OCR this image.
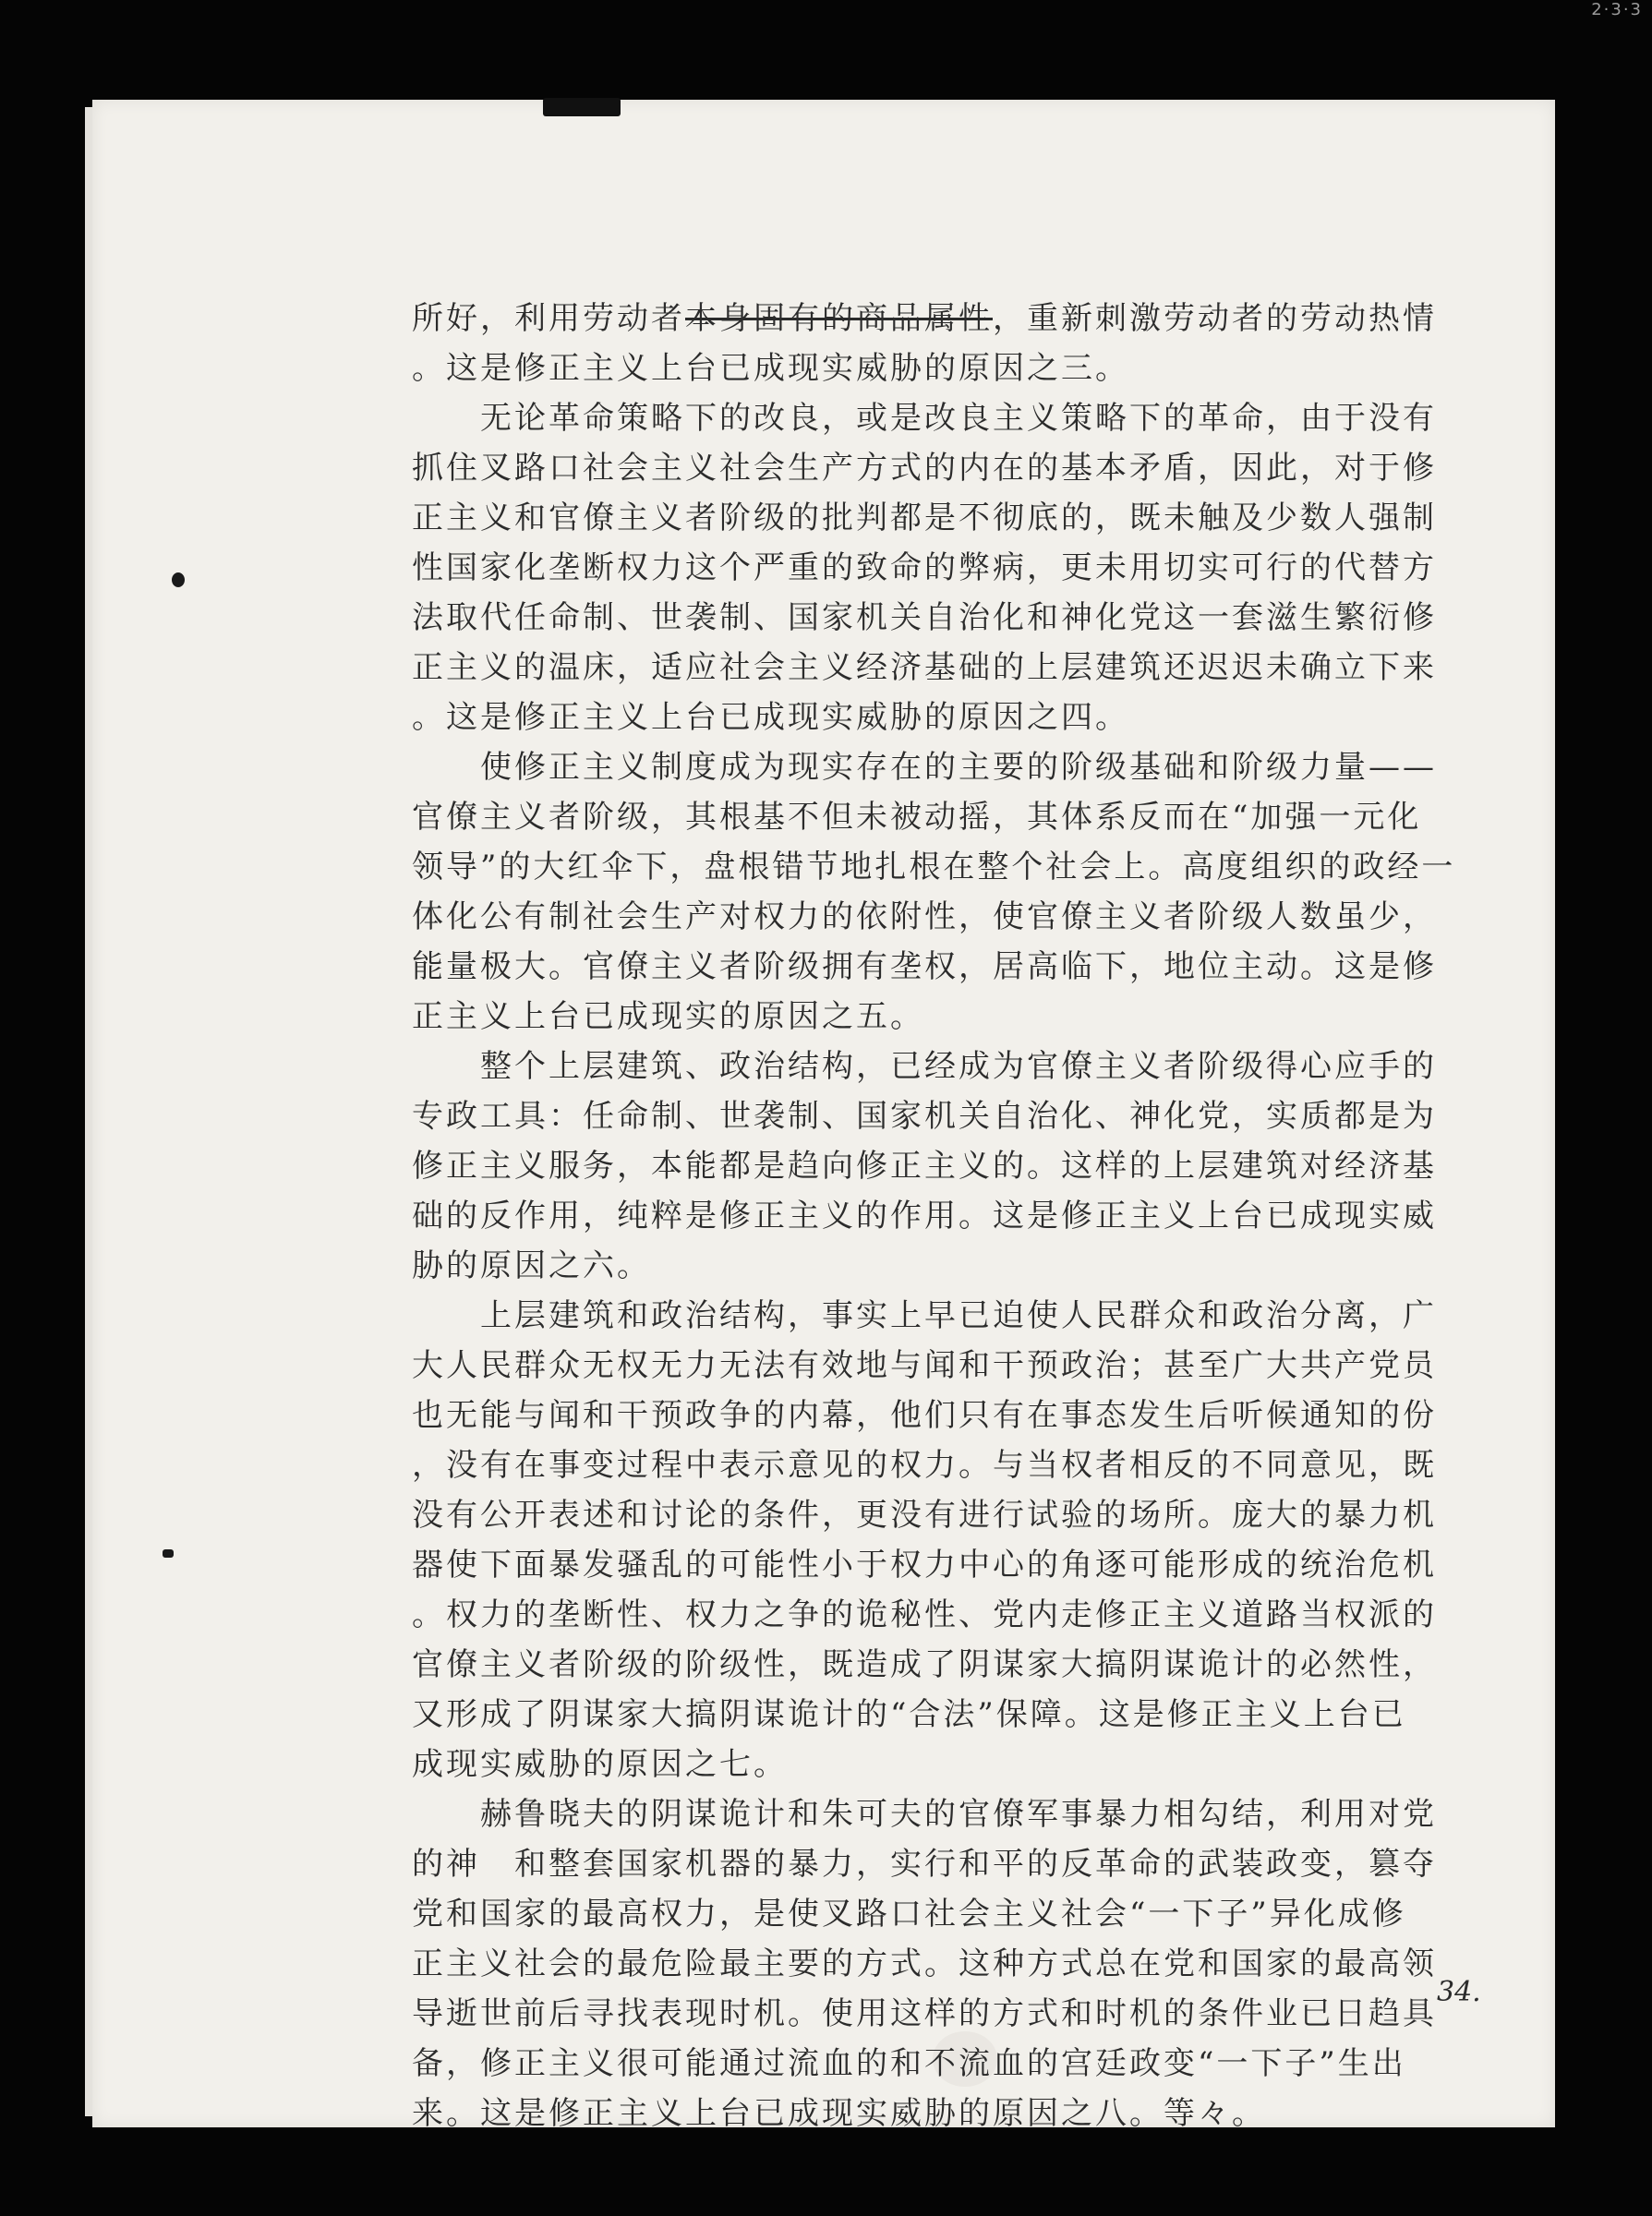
2·3·3
所好，利用劳动者本身固有的商品属性，重新刺激劳动者的劳动热情
。这是修正主义上台已成现实威胁的原因之三。
　　无论革命策略下的改良，或是改良主义策略下的革命，由于没有
抓住叉路口社会主义社会生产方式的内在的基本矛盾，因此，对于修
正主义和官僚主义者阶级的批判都是不彻底的，既未触及少数人强制
性国家化垄断权力这个严重的致命的弊病，更未用切实可行的代替方
法取代任命制、世袭制、国家机关自治化和神化党这一套滋生繁衍修
正主义的温床，适应社会主义经济基础的上层建筑还迟迟未确立下来
。这是修正主义上台已成现实威胁的原因之四。
　　使修正主义制度成为现实存在的主要的阶级基础和阶级力量——
官僚主义者阶级，其根基不但未被动摇，其体系反而在“加强一元化
领导”的大红伞下，盘根错节地扎根在整个社会上。高度组织的政经一
体化公有制社会生产对权力的依附性，使官僚主义者阶级人数虽少，
能量极大。官僚主义者阶级拥有垄权，居高临下，地位主动。这是修
正主义上台已成现实的原因之五。
　　整个上层建筑、政治结构，已经成为官僚主义者阶级得心应手的
专政工具：任命制、世袭制、国家机关自治化、神化党，实质都是为
修正主义服务，本能都是趋向修正主义的。这样的上层建筑对经济基
础的反作用，纯粹是修正主义的作用。这是修正主义上台已成现实威
胁的原因之六。
　　上层建筑和政治结构，事实上早已迫使人民群众和政治分离，广
大人民群众无权无力无法有效地与闻和干预政治；甚至广大共产党员
也无能与闻和干预政争的内幕，他们只有在事态发生后听候通知的份
，没有在事变过程中表示意见的权力。与当权者相反的不同意见，既
没有公开表述和讨论的条件，更没有进行试验的场所。庞大的暴力机
器使下面暴发骚乱的可能性小于权力中心的角逐可能形成的统治危机
。权力的垄断性、权力之争的诡秘性、党内走修正主义道路当权派的
官僚主义者阶级的阶级性，既造成了阴谋家大搞阴谋诡计的必然性，
又形成了阴谋家大搞阴谋诡计的“合法”保障。这是修正主义上台已
成现实威胁的原因之七。
　　赫鲁晓夫的阴谋诡计和朱可夫的官僚军事暴力相勾结，利用对党
的神　和整套国家机器的暴力，实行和平的反革命的武装政变，篡夺
党和国家的最高权力，是使叉路口社会主义社会“一下子”异化成修
正主义社会的最危险最主要的方式。这种方式总在党和国家的最高领
导逝世前后寻找表现时机。使用这样的方式和时机的条件业已日趋具
备，修正主义很可能通过流血的和不流血的宫廷政变“一下子”生出
来。这是修正主义上台已成现实威胁的原因之八。等々。
34.
